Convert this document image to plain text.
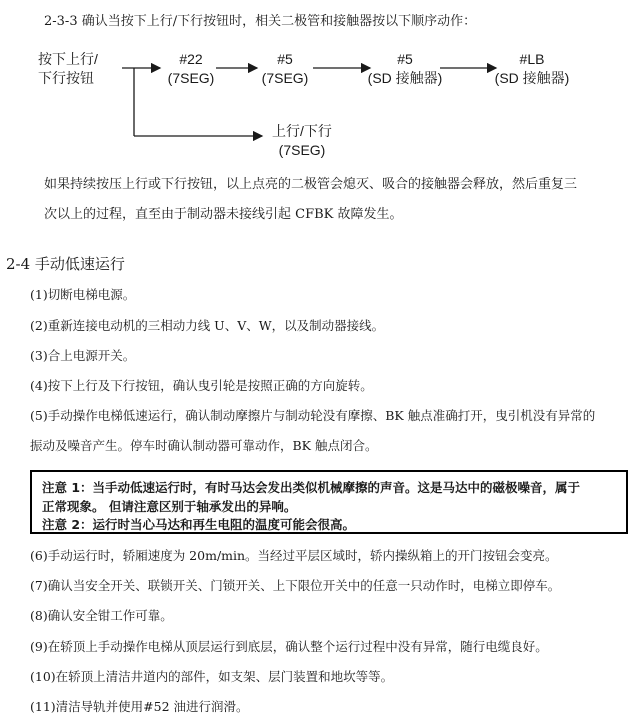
2-3-3 确认当按下上行/下行按钮时，相关二极管和接触器按以下顺序动作：
按下上行/
下行按钮
#22
(7SEG)
#5
(7SEG)
#5
(SD 接触器)
#LB
(SD 接触器)
上行/下行
(7SEG)
如果持续按压上行或下行按钮，以上点亮的二极管会熄灭、吸合的接触器会释放，然后重复三
次以上的过程，直至由于制动器未接线引起 CFBK 故障发生。
2-4 手动低速运行
(1)切断电梯电源。
(2)重新连接电动机的三相动力线 U、V、W，以及制动器接线。
(3)合上电源开关。
(4)按下上行及下行按钮，确认曳引轮是按照正确的方向旋转。
(5)手动操作电梯低速运行，确认制动摩擦片与制动轮没有摩擦、BK 触点准确打开，曳引机没有异常的
振动及噪音产生。停车时确认制动器可靠动作，BK 触点闭合。
注意 1：当手动低速运行时，有时马达会发出类似机械摩擦的声音。这是马达中的磁极噪音，属于
正常现象。 但请注意区别于轴承发出的异响。
注意 2：运行时当心马达和再生电阻的温度可能会很高。
(6)手动运行时，轿厢速度为 20m/min。当经过平层区域时，轿内操纵箱上的开门按钮会变亮。
(7)确认当安全开关、联锁开关、门锁开关、上下限位开关中的任意一只动作时，电梯立即停车。
(8)确认安全钳工作可靠。
(9)在轿顶上手动操作电梯从顶层运行到底层，确认整个运行过程中没有异常，随行电缆良好。
(10)在轿顶上清洁井道内的部件，如支架、层门装置和地坎等等。
(11)清洁导轨并使用#52 油进行润滑。
